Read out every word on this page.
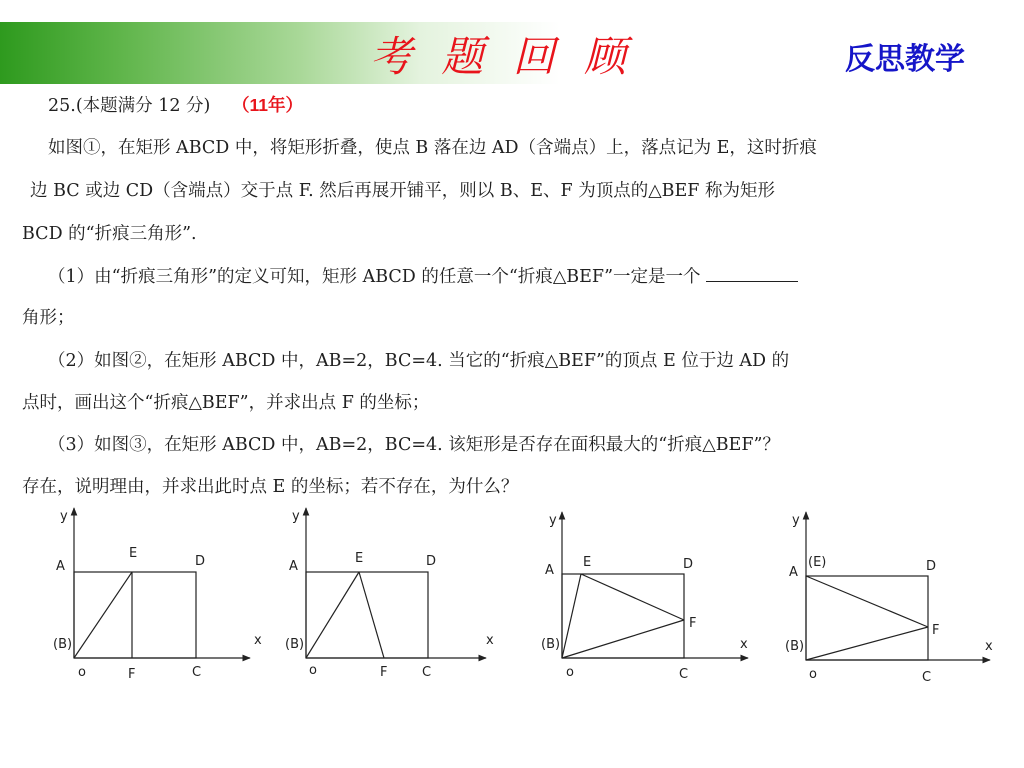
考 题 回 顾	反思教学
25.(本题满分 12 分) （11年）
如图①，在矩形 ABCD 中，将矩形折叠，使点 B 落在边 AD（含端点）上，落点记为 E，这时折痕
边 BC 或边 CD（含端点）交于点 F. 然后再展开铺平，则以 B、E、F 为顶点的△BEF 称为矩形
BCD 的“折痕三角形”.
（1）由“折痕三角形”的定义可知，矩形 ABCD 的任意一个“折痕△BEF”一定是一个
角形；
（2）如图②，在矩形 ABCD 中，AB=2，BC=4. 当它的“折痕△BEF”的顶点 E 位于边 AD 的
点时，画出这个“折痕△BEF”，并求出点 F 的坐标；
（3）如图③，在矩形 ABCD 中，AB=2，BC=4. 该矩形是否存在面积最大的“折痕△BEF”？
存在，说明理由，并求出此时点 E 的坐标；若不存在，为什么？
y
x
A
(B)
o
E
D
F	C
y
x
A
(B)
o
E	D
F	C
y
x
A
(B)
o
E	D
F
C
y
x
A
(B)
o
(E)	D
F
C
